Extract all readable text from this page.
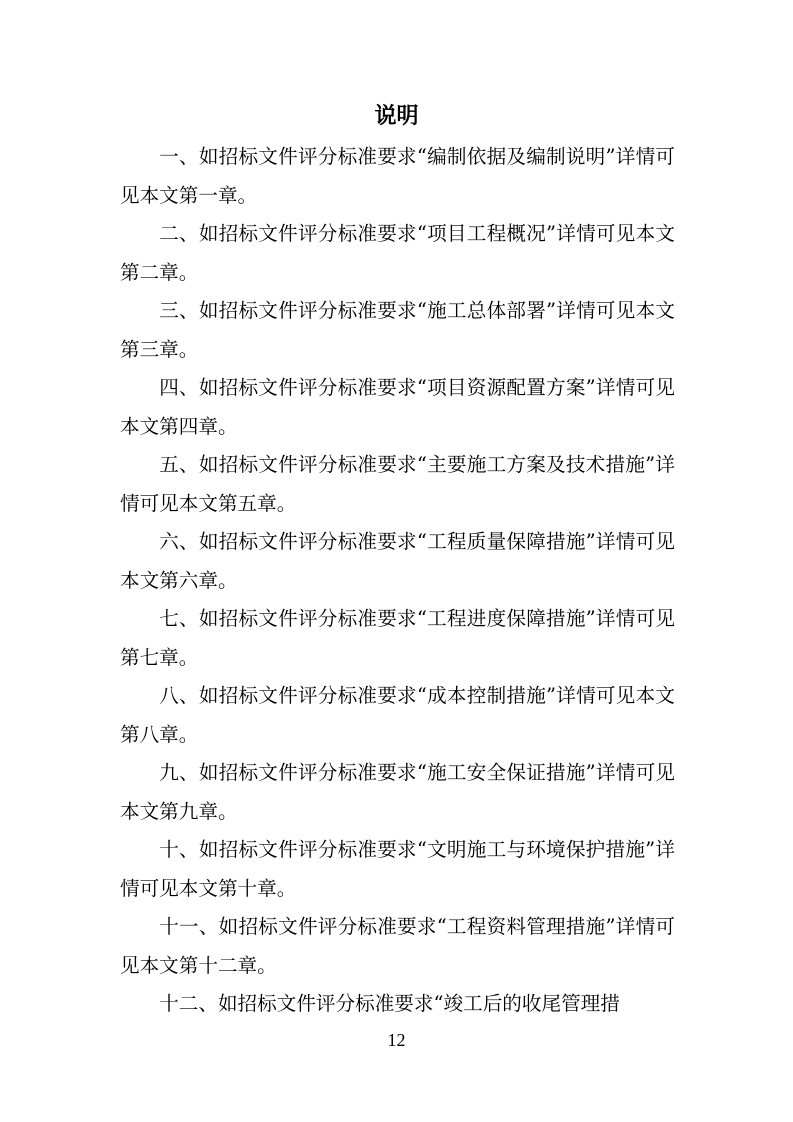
说明

一、如招标文件评分标准要求“编制依据及编制说明”详情可见本文第一章。

二、如招标文件评分标准要求“项目工程概况”详情可见本文第二章。

三、如招标文件评分标准要求“施工总体部署”详情可见本文第三章。

四、如招标文件评分标准要求“项目资源配置方案”详情可见本文第四章。

五、如招标文件评分标准要求“主要施工方案及技术措施”详情可见本文第五章。

六、如招标文件评分标准要求“工程质量保障措施”详情可见本文第六章。

七、如招标文件评分标准要求“工程进度保障措施”详情可见第七章。

八、如招标文件评分标准要求“成本控制措施”详情可见本文第八章。

九、如招标文件评分标准要求“施工安全保证措施”详情可见本文第九章。

十、如招标文件评分标准要求“文明施工与环境保护措施”详情可见本文第十章。

十一、如招标文件评分标准要求“工程资料管理措施”详情可见本文第十二章。

十二、如招标文件评分标准要求“竣工后的收尾管理措

12
